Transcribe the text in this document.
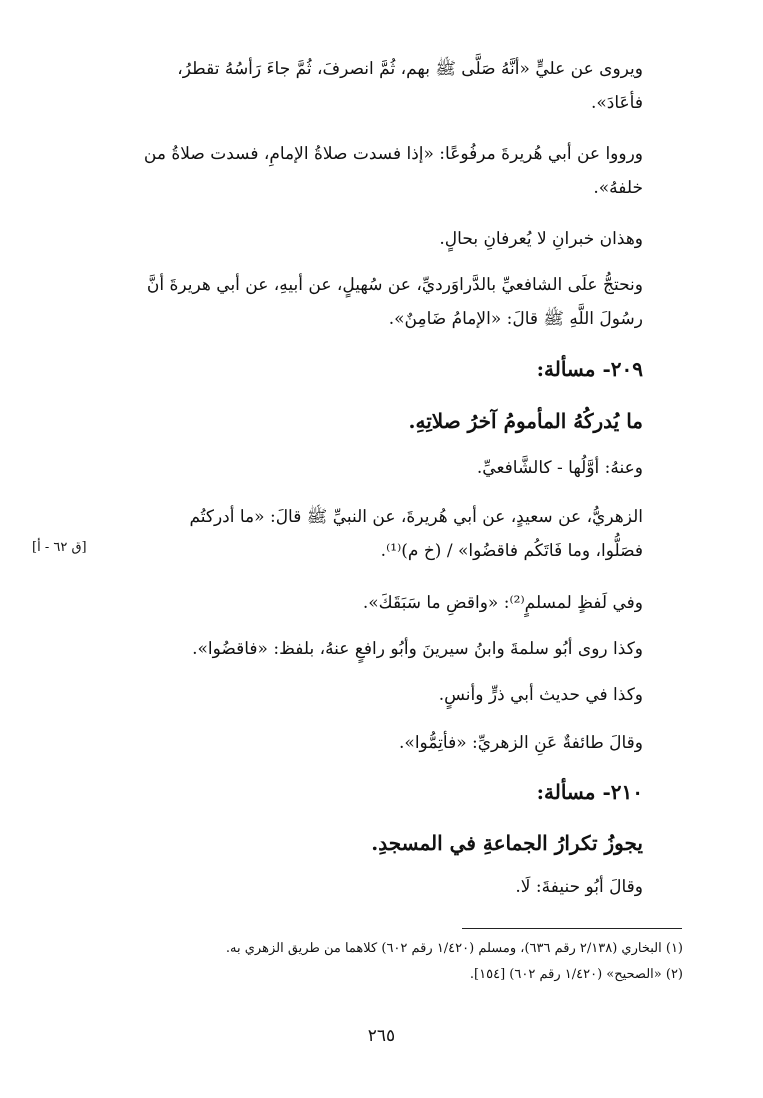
ويروى عن عليٍّ «أنَّهُ صَلَّى ﷺ بهم، ثُمَّ انصرفَ، ثُمَّ جاءَ رَأسُهُ تقطرُ،
فأعَادَ».
ورووا عن أبي هُريرةَ مرفُوعًا: «إذا فسدت صلاةُ الإمامِ، فسدت صلاةُ من
خلفهُ».
وهذان خبرانِ لا يُعرفانِ بحالٍ.
ونحتجُّ علَى الشافعيِّ بالدَّراوَرديِّ، عن سُهيلٍ، عن أبيهِ، عن أبي هريرةَ أنَّ
رسُولَ اللَّهِ ﷺ قالَ: «الإمامُ ضَامِنٌ».
٢٠٩- مسألة:
ما يُدركُهُ المأمومُ آخرُ صلاتِهِ.
وعنهُ: أوَّلُها - كالشَّافعيِّ.
الزهريُّ، عن سعيدٍ، عن أبي هُريرةَ، عن النبيِّ ﷺ قالَ: «ما أدركتُم
فصَلُّوا، وما فَاتَكُم فاقضُوا» / (خ م)⁽¹⁾.
وفي لَفظٍ لمسلمٍ⁽²⁾: «واقضِ ما سَبَقَكَ».
وكذا روى أبُو سلمةَ وابنُ سيرينَ وأبُو رافعٍ عنهُ، بلفظ: «فاقضُوا».
وكذا في حديث أبي ذرٍّ وأنسٍ.
وقالَ طائفةٌ عَنِ الزهريِّ: «فأتِمُّوا».
٢١٠- مسألة:
يجوزُ تكرارُ الجماعةِ في المسجدِ.
وقالَ أبُو حنيفةَ: لَا.
[ق ٦٢ - أ]
(١) البخاري (٢/١٣٨ رقم ٦٣٦)، ومسلم (١/٤٢٠ رقم ٦٠٢) كلاهما من طريق الزهري به.
(٢) «الصحيح» (١/٤٢٠ رقم ٦٠٢) [١٥٤].
٢٦٥
